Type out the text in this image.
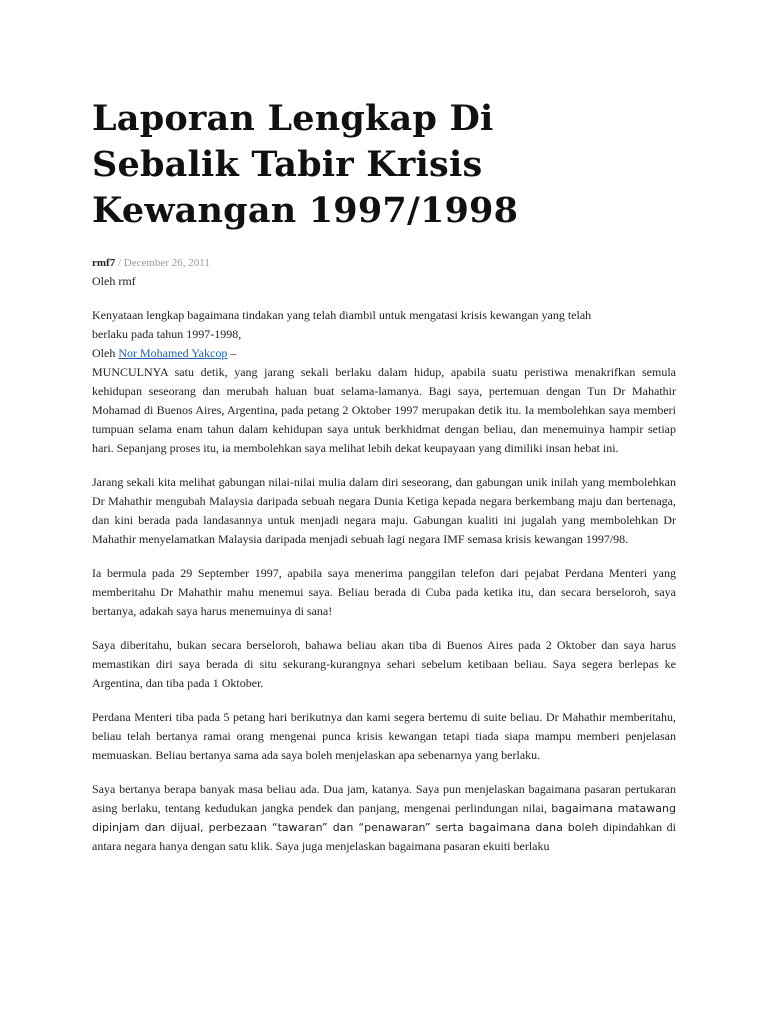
Laporan Lengkap Di
Sebalik Tabir Krisis
Kewangan 1997/1998
rmf7 / December 26, 2011
Oleh rmf
Kenyataan lengkap bagaimana tindakan yang telah diambil untuk mengatasi krisis kewangan yang telah
berlaku pada tahun 1997-1998,
Oleh Nor Mohamed Yakcop –

MUNCULNYA satu detik, yang jarang sekali berlaku dalam hidup, apabila suatu peristiwa menakrifkan semula kehidupan seseorang dan merubah haluan buat selama-lamanya. Bagi saya, pertemuan dengan Tun Dr Mahathir Mohamad di Buenos Aires, Argentina, pada petang 2 Oktober 1997 merupakan detik itu. Ia membolehkan saya memberi tumpuan selama enam tahun dalam kehidupan saya untuk berkhidmat dengan beliau, dan menemuinya hampir setiap hari. Sepanjang proses itu, ia membolehkan saya melihat lebih dekat keupayaan yang dimiliki insan hebat ini.

Jarang sekali kita melihat gabungan nilai-nilai mulia dalam diri seseorang, dan gabungan unik inilah yang membolehkan Dr Mahathir mengubah Malaysia daripada sebuah negara Dunia Ketiga kepada negara berkembang maju dan bertenaga, dan kini berada pada landasannya untuk menjadi negara maju. Gabungan kualiti ini jugalah yang membolehkan Dr Mahathir menyelamatkan Malaysia daripada menjadi sebuah lagi negara IMF semasa krisis kewangan 1997/98.

Ia bermula pada 29 September 1997, apabila saya menerima panggilan telefon dari pejabat Perdana Menteri yang memberitahu Dr Mahathir mahu menemui saya. Beliau berada di Cuba pada ketika itu, dan secara berseloroh, saya bertanya, adakah saya harus menemuinya di sana!

Saya diberitahu, bukan secara berseloroh, bahawa beliau akan tiba di Buenos Aires pada 2 Oktober dan saya harus memastikan diri saya berada di situ sekurang-kurangnya sehari sebelum ketibaan beliau. Saya segera berlepas ke Argentina, dan tiba pada 1 Oktober.

Perdana Menteri tiba pada 5 petang hari berikutnya dan kami segera bertemu di suite beliau. Dr Mahathir memberitahu, beliau telah bertanya ramai orang mengenai punca krisis kewangan tetapi tiada siapa mampu memberi penjelasan memuaskan. Beliau bertanya sama ada saya boleh menjelaskan apa sebenarnya yang berlaku.

Saya bertanya berapa banyak masa beliau ada. Dua jam, katanya. Saya pun menjelaskan bagaimana pasaran pertukaran asing berlaku, tentang kedudukan jangka pendek dan panjang, mengenai perlindungan nilai, bagaimana matawang dipinjam dan dijual, perbezaan “tawaran” dan “penawaran” serta bagaimana dana boleh dipindahkan di antara negara hanya dengan satu klik. Saya juga menjelaskan bagaimana pasaran ekuiti berlaku
